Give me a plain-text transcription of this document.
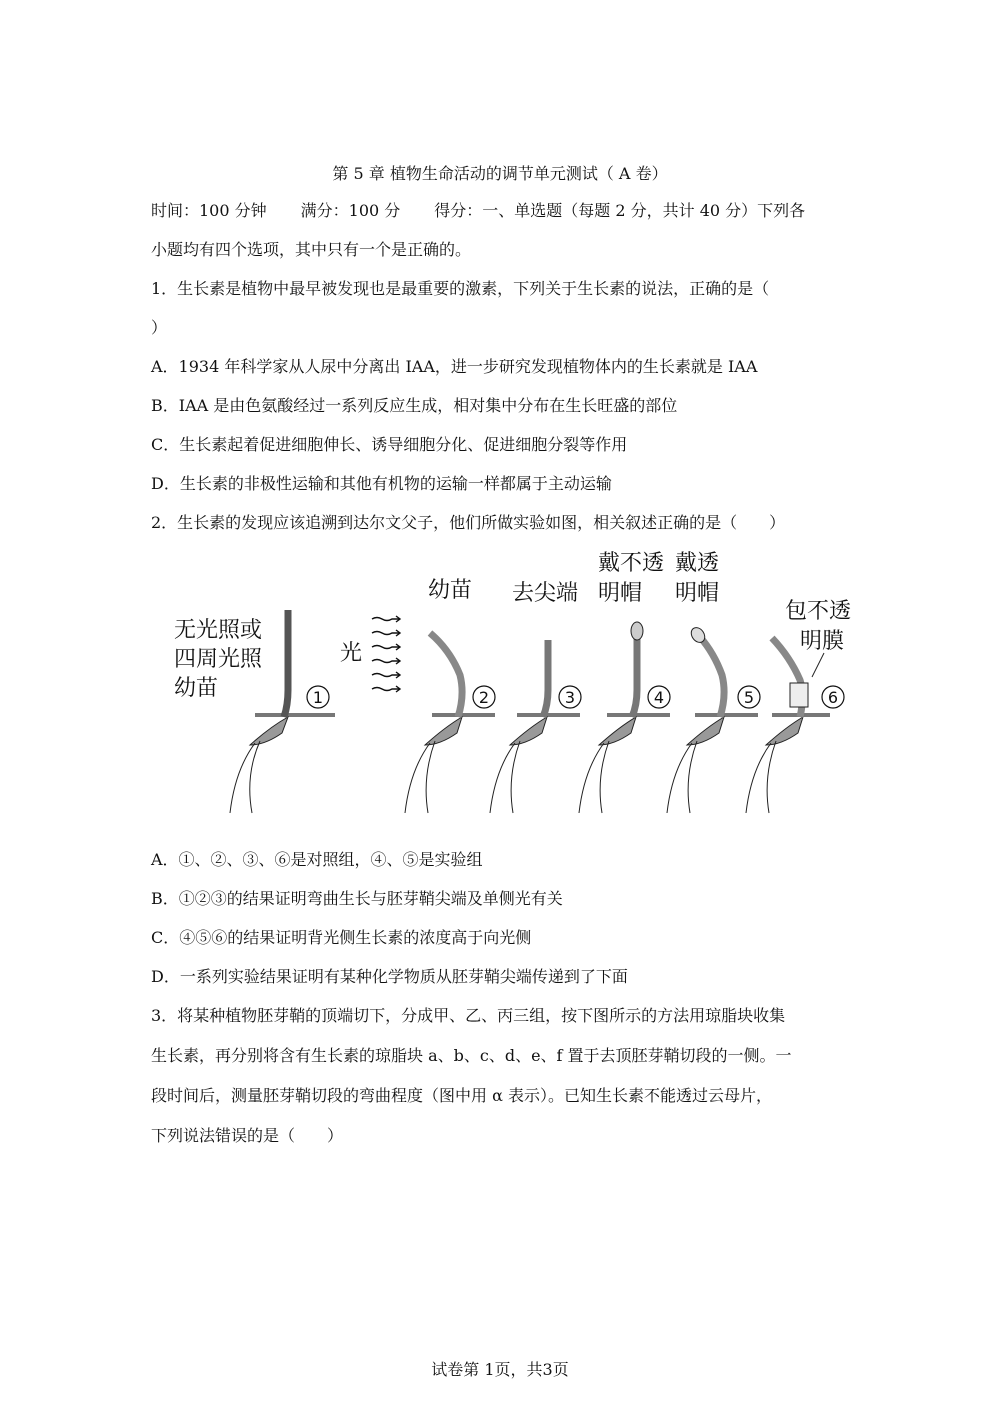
第 5 章 植物生命活动的调节单元测试（ A 卷）
时间：100 分钟 满分：100 分 得分：一、单选题（每题 2 分，共计 40 分）下列各
小题均有四个选项，其中只有一个是正确的。
1．生长素是植物中最早被发现也是最重要的激素，下列关于生长素的说法，正确的是（
）
A．1934 年科学家从人尿中分离出 IAA，进一步研究发现植物体内的生长素就是 IAA
B．IAA 是由色氨酸经过一系列反应生成，相对集中分布在生长旺盛的部位
C．生长素起着促进细胞伸长、诱导细胞分化、促进细胞分裂等作用
D．生长素的非极性运输和其他有机物的运输一样都属于主动运输
2．生长素的发现应该追溯到达尔文父子，他们所做实验如图，相关叙述正确的是（　　）
无光照或
四周光照
幼苗
光
幼苗 去尖端
戴不透
明帽
戴透
明帽
包不透
明膜
1	2	3	4	5	6
A．①、②、③、⑥是对照组，④、⑤是实验组
B．①②③的结果证明弯曲生长与胚芽鞘尖端及单侧光有关
C．④⑤⑥的结果证明背光侧生长素的浓度高于向光侧
D．一系列实验结果证明有某种化学物质从胚芽鞘尖端传递到了下面
3．将某种植物胚芽鞘的顶端切下，分成甲、乙、丙三组，按下图所示的方法用琼脂块收集
生长素，再分别将含有生长素的琼脂块 a、b、c、d、e、f 置于去顶胚芽鞘切段的一侧。一
段时间后，测量胚芽鞘切段的弯曲程度（图中用 α 表示）。已知生长素不能透过云母片，
下列说法错误的是（　　）
试卷第 1页，共3页
